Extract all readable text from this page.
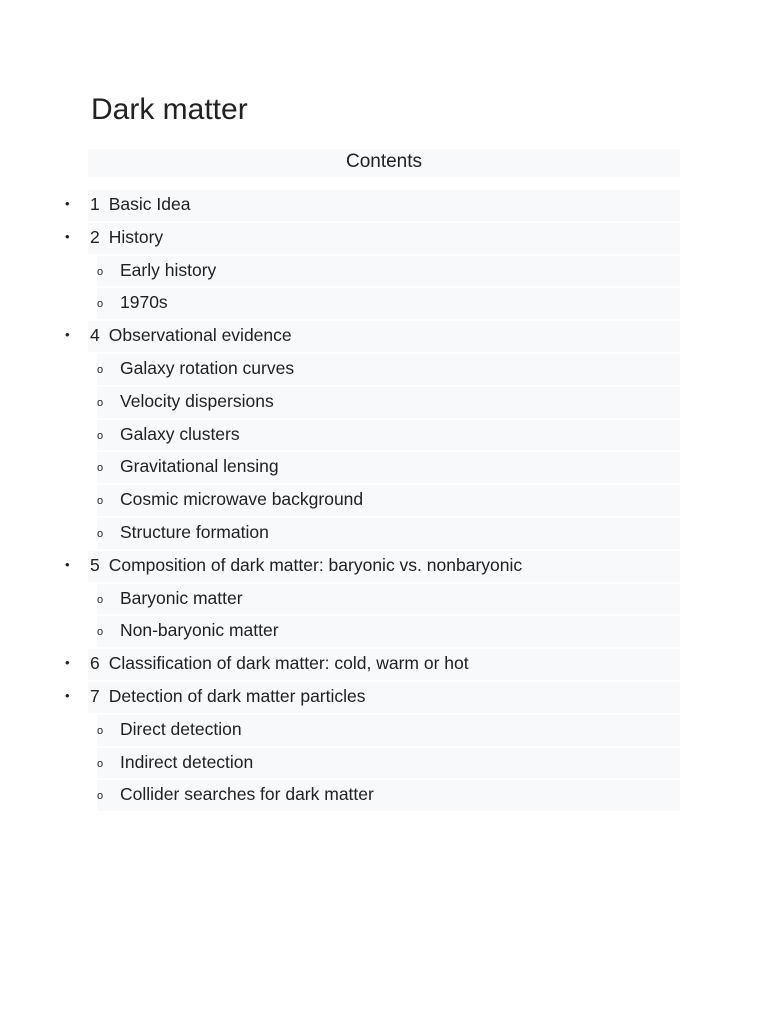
Dark matter
Contents
• 1 Basic Idea
• 2 History
o Early history
o 1970s
• 4 Observational evidence
o Galaxy rotation curves
o Velocity dispersions
o Galaxy clusters
o Gravitational lensing
o Cosmic microwave background
o Structure formation
• 5 Composition of dark matter: baryonic vs. nonbaryonic
o Baryonic matter
o Non-baryonic matter
• 6 Classification of dark matter: cold, warm or hot
• 7 Detection of dark matter particles
o Direct detection
o Indirect detection
o Collider searches for dark matter
